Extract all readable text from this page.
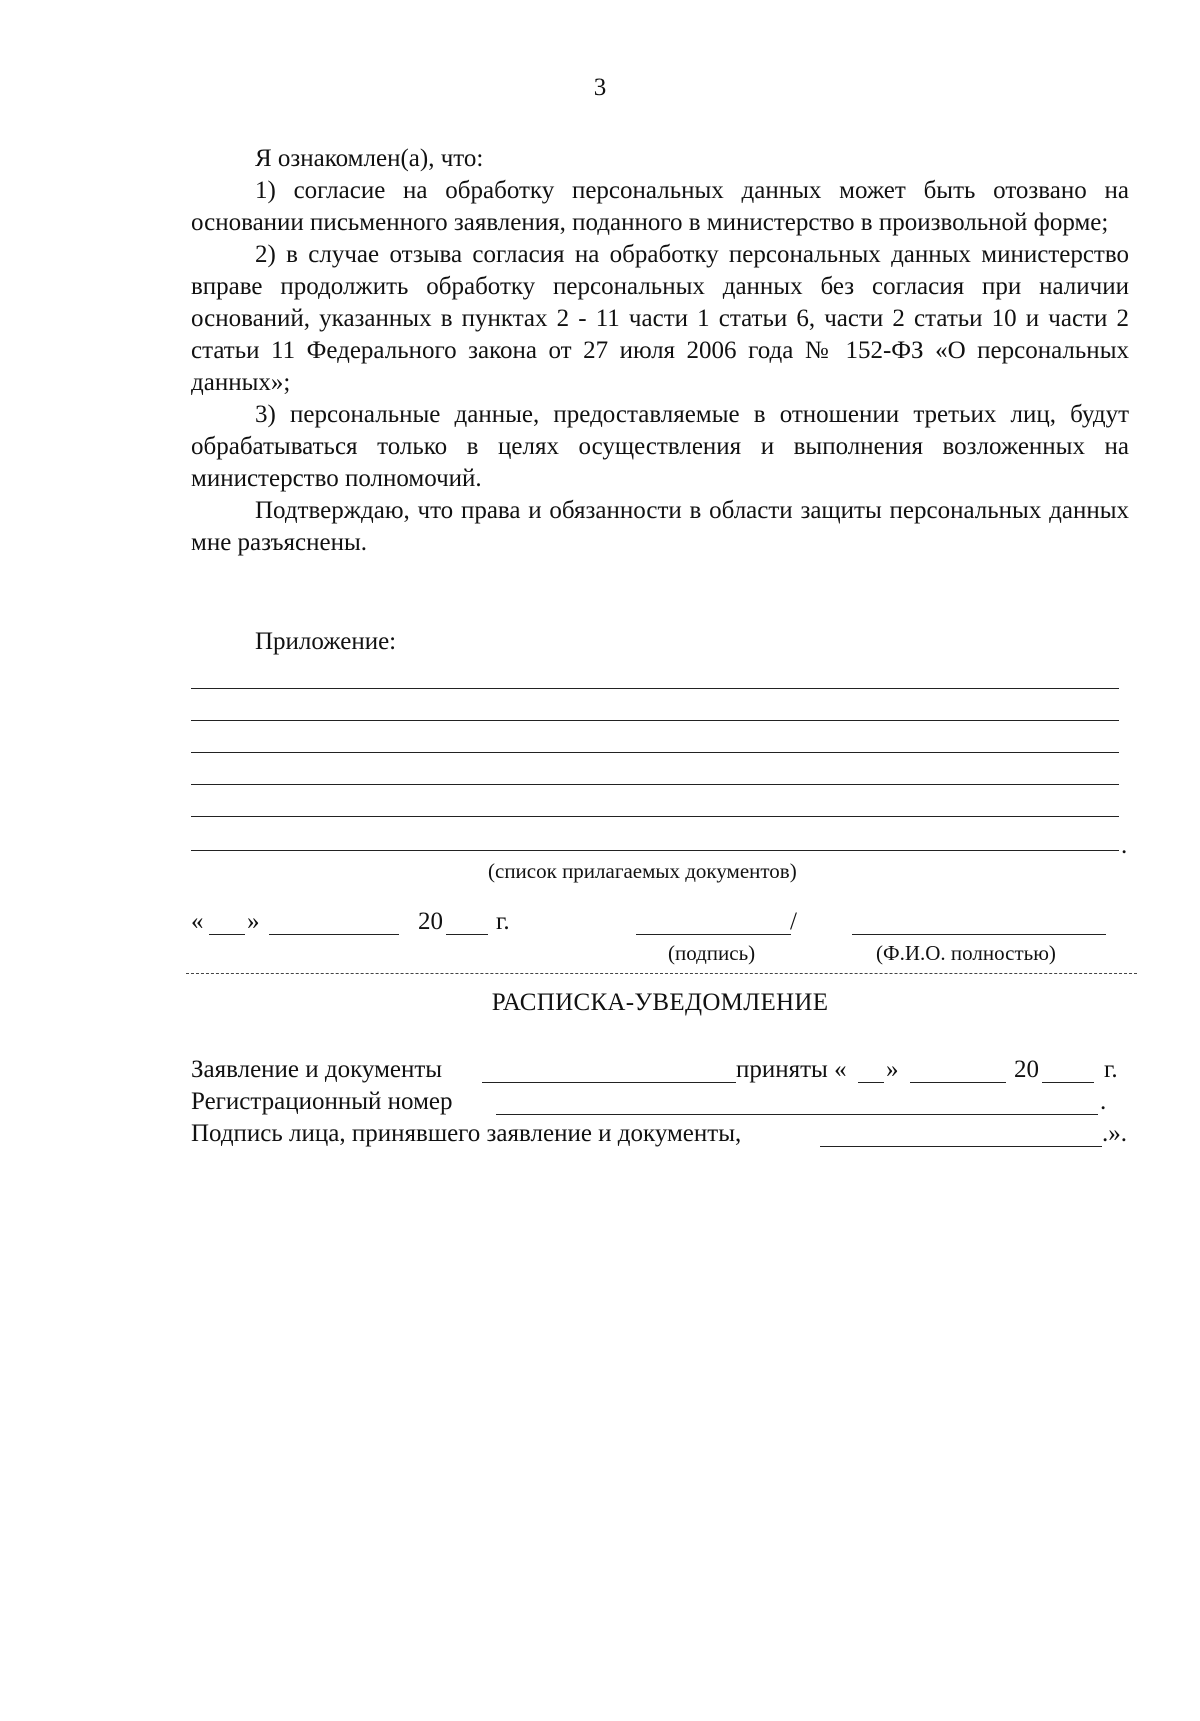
3

Я ознакомлен(а), что:

1) согласие на обработку персональных данных может быть отозвано на основании письменного заявления, поданного в министерство в произвольной форме;

2) в случае отзыва согласия на обработку персональных данных министерство вправе продолжить обработку персональных данных без согласия при наличии оснований, указанных в пунктах 2 - 11 части 1 статьи 6, части 2 статьи 10 и части 2 статьи 11 Федерального закона от 27 июля 2006 года № 152-ФЗ «О персональных данных»;

3) персональные данные, предоставляемые в отношении третьих лиц, будут обрабатываться только в целях осуществления и выполнения возложенных на министерство полномочий.

Подтверждаю, что права и обязанности в области защиты персональных данных мне разъяснены.

Приложение:
.
(список прилагаемых документов)
« »	20 г.	/
(подпись)	(Ф.И.О. полностью)
РАСПИСКА-УВЕДОМЛЕНИЕ
Заявление и документы	приняты « »	20	г.
Регистрационный номер	.
Подпись лица, принявшего заявление и документы,	.».
